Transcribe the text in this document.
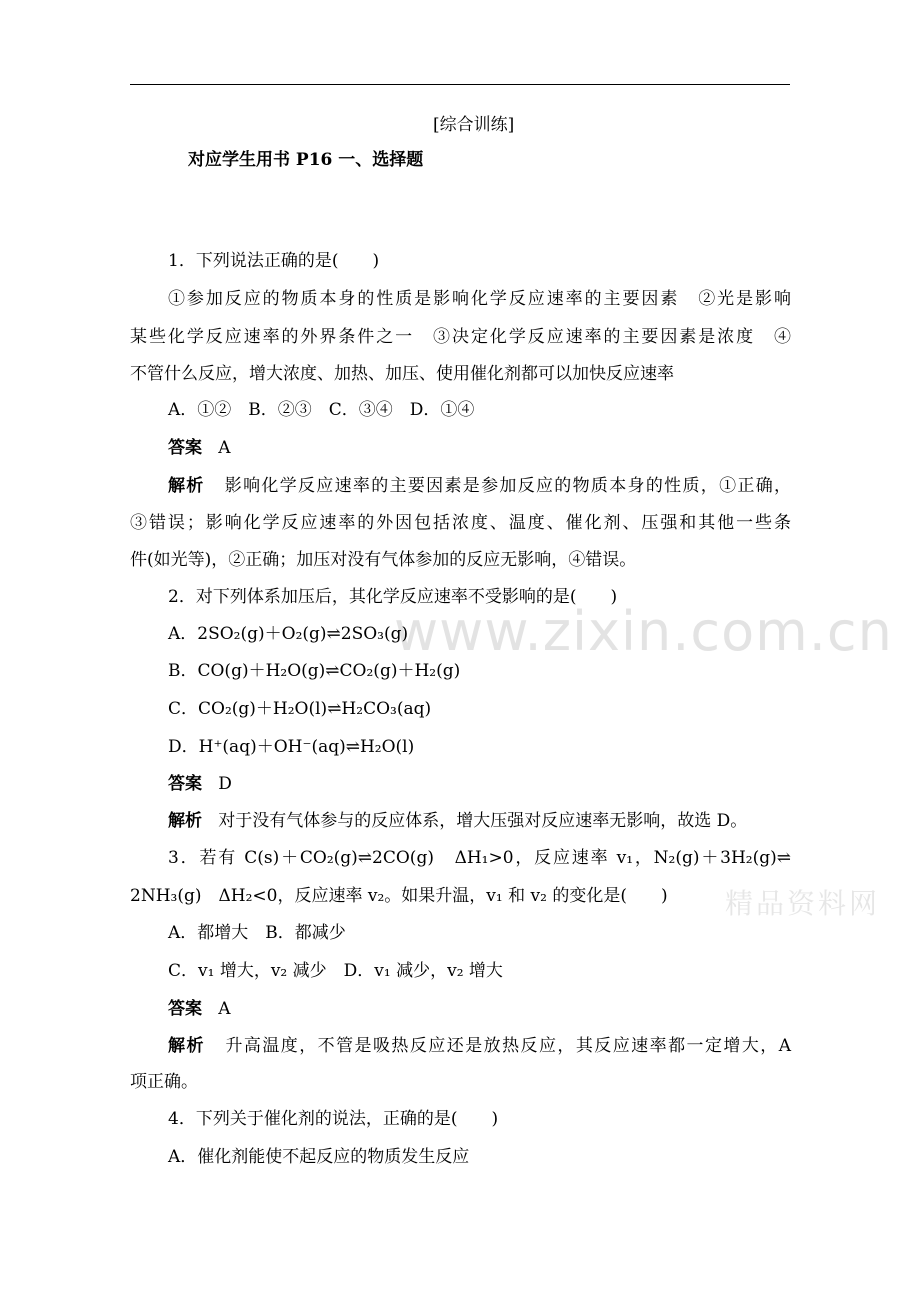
www.zixin.com.cn
精品资料网
[综合训练]
对应学生用书 P16 一、选择题
1．下列说法正确的是(　　)
①参加反应的物质本身的性质是影响化学反应速率的主要因素　②光是影响
某些化学反应速率的外界条件之一　③决定化学反应速率的主要因素是浓度　④
不管什么反应，增大浓度、加热、加压、使用催化剂都可以加快反应速率
A．①②　B．②③　C．③④　D．①④
答案 A
解析 影响化学反应速率的主要因素是参加反应的物质本身的性质，①正确，
③错误；影响化学反应速率的外因包括浓度、温度、催化剂、压强和其他一些条
件(如光等)，②正确；加压对没有气体参加的反应无影响，④错误。
2．对下列体系加压后，其化学反应速率不受影响的是(　　)
A．2SO₂(g)＋O₂(g)⇌2SO₃(g)
B．CO(g)＋H₂O(g)⇌CO₂(g)＋H₂(g)
C．CO₂(g)＋H₂O(l)⇌H₂CO₃(aq)
D．H⁺(aq)＋OH⁻(aq)⇌H₂O(l)
答案 D
解析 对于没有气体参与的反应体系，增大压强对反应速率无影响，故选 D。
3．若有 C(s)＋CO₂(g)⇌2CO(g)　ΔH₁>0，反应速率 v₁，N₂(g)＋3H₂(g)⇌
2NH₃(g)　ΔH₂<0，反应速率 v₂。如果升温，v₁ 和 v₂ 的变化是(　　)
A．都增大　B．都减少
C．v₁ 增大，v₂ 减少　D．v₁ 减少，v₂ 增大
答案 A
解析 升高温度，不管是吸热反应还是放热反应，其反应速率都一定增大，A
项正确。
4．下列关于催化剂的说法，正确的是(　　)
A．催化剂能使不起反应的物质发生反应
